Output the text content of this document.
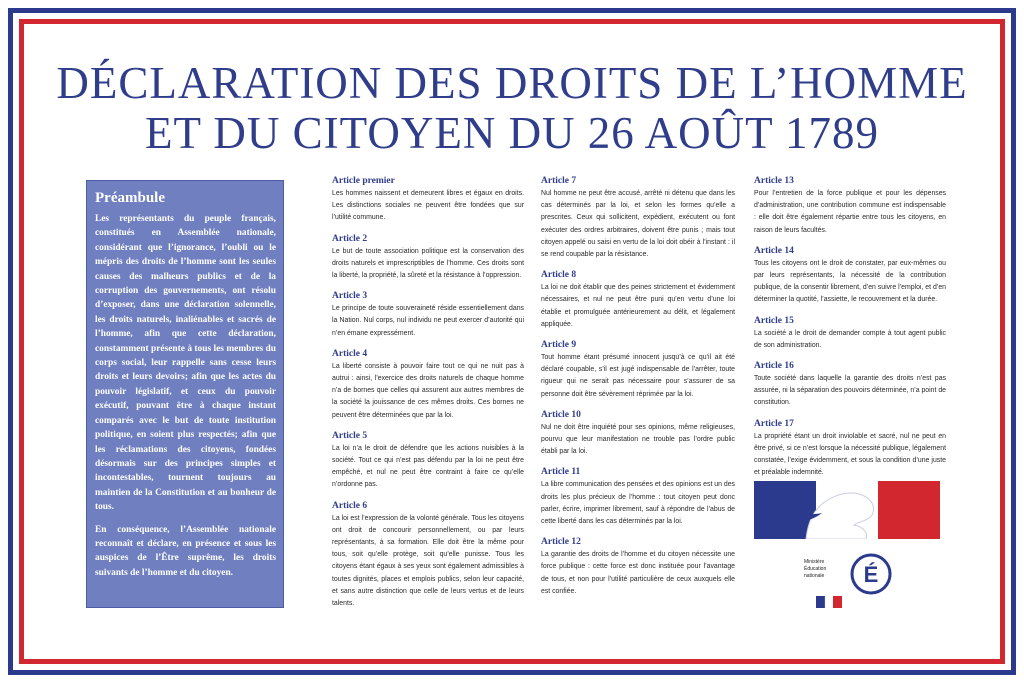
DÉCLARATION DES DROITS DE L’HOMME
ET DU CITOYEN DU 26 AOÛT 1789
Préambule

Les représentants du peuple français, constitués en Assemblée nationale, considérant que l’ignorance, l’oubli ou le mépris des droits de l’homme sont les seules causes des malheurs publics et de la corruption des gouvernements, ont résolu d’exposer, dans une déclaration solennelle, les droits naturels, inaliénables et sacrés de l’homme, afin que cette déclaration, constamment présente à tous les membres du corps social, leur rappelle sans cesse leurs droits et leurs devoirs; afin que les actes du pouvoir législatif, et ceux du pouvoir exécutif, pouvant être à chaque instant comparés avec le but de toute institution politique, en soient plus respectés; afin que les réclamations des citoyens, fondées désormais sur des principes simples et incontestables, tournent toujours au maintien de la Constitution et au bonheur de tous.

En conséquence, l’Assemblée nationale reconnaît et déclare, en présence et sous les auspices de l’Être suprême, les droits suivants de l’homme et du citoyen.

Article premier

Les hommes naissent et demeurent libres et égaux en droits. Les distinctions sociales ne peuvent être fondées que sur l’utilité commune.

Article 2

Le but de toute association politique est la conservation des droits naturels et imprescriptibles de l’homme. Ces droits sont la liberté, la propriété, la sûreté et la résistance à l’oppression.

Article 3

Le principe de toute souveraineté réside essentiellement dans la Nation. Nul corps, nul individu ne peut exercer d’autorité qui n’en émane expressément.

Article 4

La liberté consiste à pouvoir faire tout ce qui ne nuit pas à autrui : ainsi, l’exercice des droits naturels de chaque homme n’a de bornes que celles qui assurent aux autres membres de la société la jouissance de ces mêmes droits. Ces bornes ne peuvent être déterminées que par la loi.

Article 5

La loi n’a le droit de défendre que les actions nuisibles à la société. Tout ce qui n’est pas défendu par la loi ne peut être empêché, et nul ne peut être contraint à faire ce qu’elle n’ordonne pas.

Article 6

La loi est l’expression de la volonté générale. Tous les citoyens ont droit de concourir personnellement, ou par leurs représentants, à sa formation. Elle doit être la même pour tous, soit qu’elle protège, soit qu’elle punisse. Tous les citoyens étant égaux à ses yeux sont également admissibles à toutes dignités, places et emplois publics, selon leur capacité, et sans autre distinction que celle de leurs vertus et de leurs talents.

Article 7

Nul homme ne peut être accusé, arrêté ni détenu que dans les cas déterminés par la loi, et selon les formes qu’elle a prescrites. Ceux qui sollicitent, expédient, exécutent ou font exécuter des ordres arbitraires, doivent être punis ; mais tout citoyen appelé ou saisi en vertu de la loi doit obéir à l’instant : il se rend coupable par la résistance.

Article 8

La loi ne doit établir que des peines strictement et évidemment nécessaires, et nul ne peut être puni qu’en vertu d’une loi établie et promulguée antérieurement au délit, et légalement appliquée.

Article 9

Tout homme étant présumé innocent jusqu’à ce qu’il ait été déclaré coupable, s’il est jugé indispensable de l’arrêter, toute rigueur qui ne serait pas nécessaire pour s’assurer de sa personne doit être sévèrement réprimée par la loi.

Article 10

Nul ne doit être inquiété pour ses opinions, même religieuses, pourvu que leur manifestation ne trouble pas l’ordre public établi par la loi.

Article 11

La libre communication des pensées et des opinions est un des droits les plus précieux de l’homme : tout citoyen peut donc parler, écrire, imprimer librement, sauf à répondre de l’abus de cette liberté dans les cas déterminés par la loi.

Article 12

La garantie des droits de l’homme et du citoyen nécessite une force publique : cette force est donc instituée pour l’avantage de tous, et non pour l’utilité particulière de ceux auxquels elle est confiée.

Article 13

Pour l’entretien de la force publique et pour les dépenses d’administration, une contribution commune est indispensable : elle doit être également répartie entre tous les citoyens, en raison de leurs facultés.

Article 14

Tous les citoyens ont le droit de constater, par eux-mêmes ou par leurs représentants, la nécessité de la contribution publique, de la consentir librement, d’en suivre l’emploi, et d’en déterminer la quotité, l’assiette, le recouvrement et la durée.

Article 15

La société a le droit de demander compte à tout agent public de son administration.

Article 16

Toute société dans laquelle la garantie des droits n’est pas assurée, ni la séparation des pouvoirs déterminée, n’a point de constitution.

Article 17

La propriété étant un droit inviolable et sacré, nul ne peut en être privé, si ce n’est lorsque la nécessité publique, légalement constatée, l’exige évidemment, et sous la condition d’une juste et préalable indemnité.

Ministère
Éducation
nationale	É
